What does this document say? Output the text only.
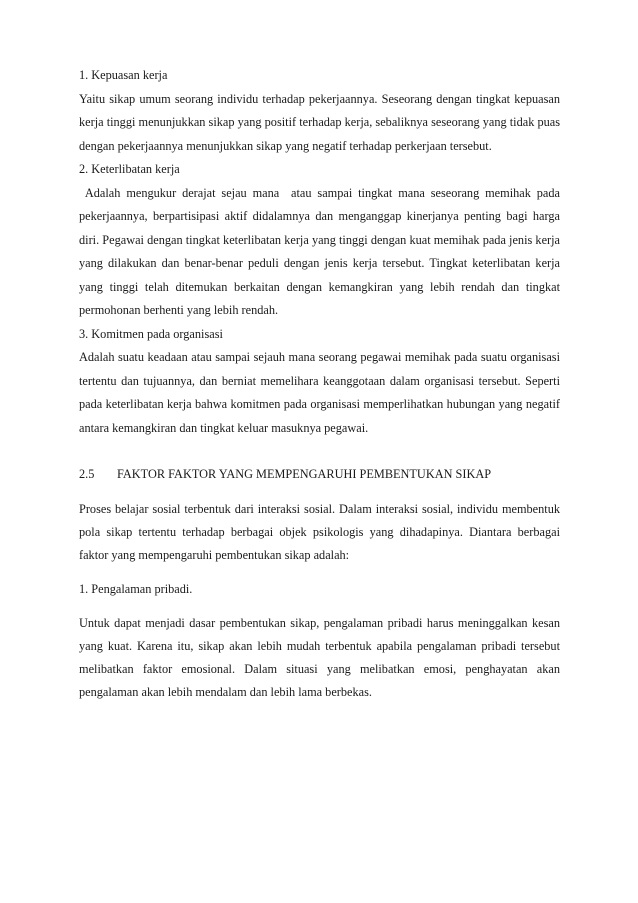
1. Kepuasan kerja

Yaitu sikap umum seorang individu terhadap pekerjaannya. Seseorang dengan tingkat kepuasan kerja tinggi menunjukkan sikap yang positif terhadap kerja, sebaliknya seseorang yang tidak puas dengan pekerjaannya menunjukkan sikap yang negatif terhadap perkerjaan tersebut.

2. Keterlibatan kerja

Adalah mengukur derajat sejau mana  atau sampai tingkat mana seseorang memihak pada pekerjaannya, berpartisipasi aktif didalamnya dan menganggap kinerjanya penting bagi harga diri. Pegawai dengan tingkat keterlibatan kerja yang tinggi dengan kuat memihak pada jenis kerja yang dilakukan dan benar-benar peduli dengan jenis kerja tersebut. Tingkat keterlibatan kerja yang tinggi telah ditemukan berkaitan dengan kemangkiran yang lebih rendah dan tingkat permohonan berhenti yang lebih rendah.

3. Komitmen pada organisasi

Adalah suatu keadaan atau sampai sejauh mana seorang pegawai memihak pada suatu organisasi tertentu dan tujuannya, dan berniat memelihara keanggotaan dalam organisasi tersebut. Seperti pada keterlibatan kerja bahwa komitmen pada organisasi memperlihatkan hubungan yang negatif antara kemangkiran dan tingkat keluar masuknya pegawai.

2.5	FAKTOR FAKTOR YANG MEMPENGARUHI PEMBENTUKAN SIKAP

Proses belajar sosial terbentuk dari interaksi sosial. Dalam interaksi sosial, individu membentuk pola sikap tertentu terhadap berbagai objek psikologis yang dihadapinya. Diantara berbagai faktor yang mempengaruhi pembentukan sikap adalah:

1. Pengalaman pribadi.

Untuk dapat menjadi dasar pembentukan sikap, pengalaman pribadi harus meninggalkan kesan yang kuat. Karena itu, sikap akan lebih mudah terbentuk apabila pengalaman pribadi tersebut melibatkan faktor emosional. Dalam situasi yang melibatkan emosi, penghayatan akan pengalaman akan lebih mendalam dan lebih lama berbekas.
